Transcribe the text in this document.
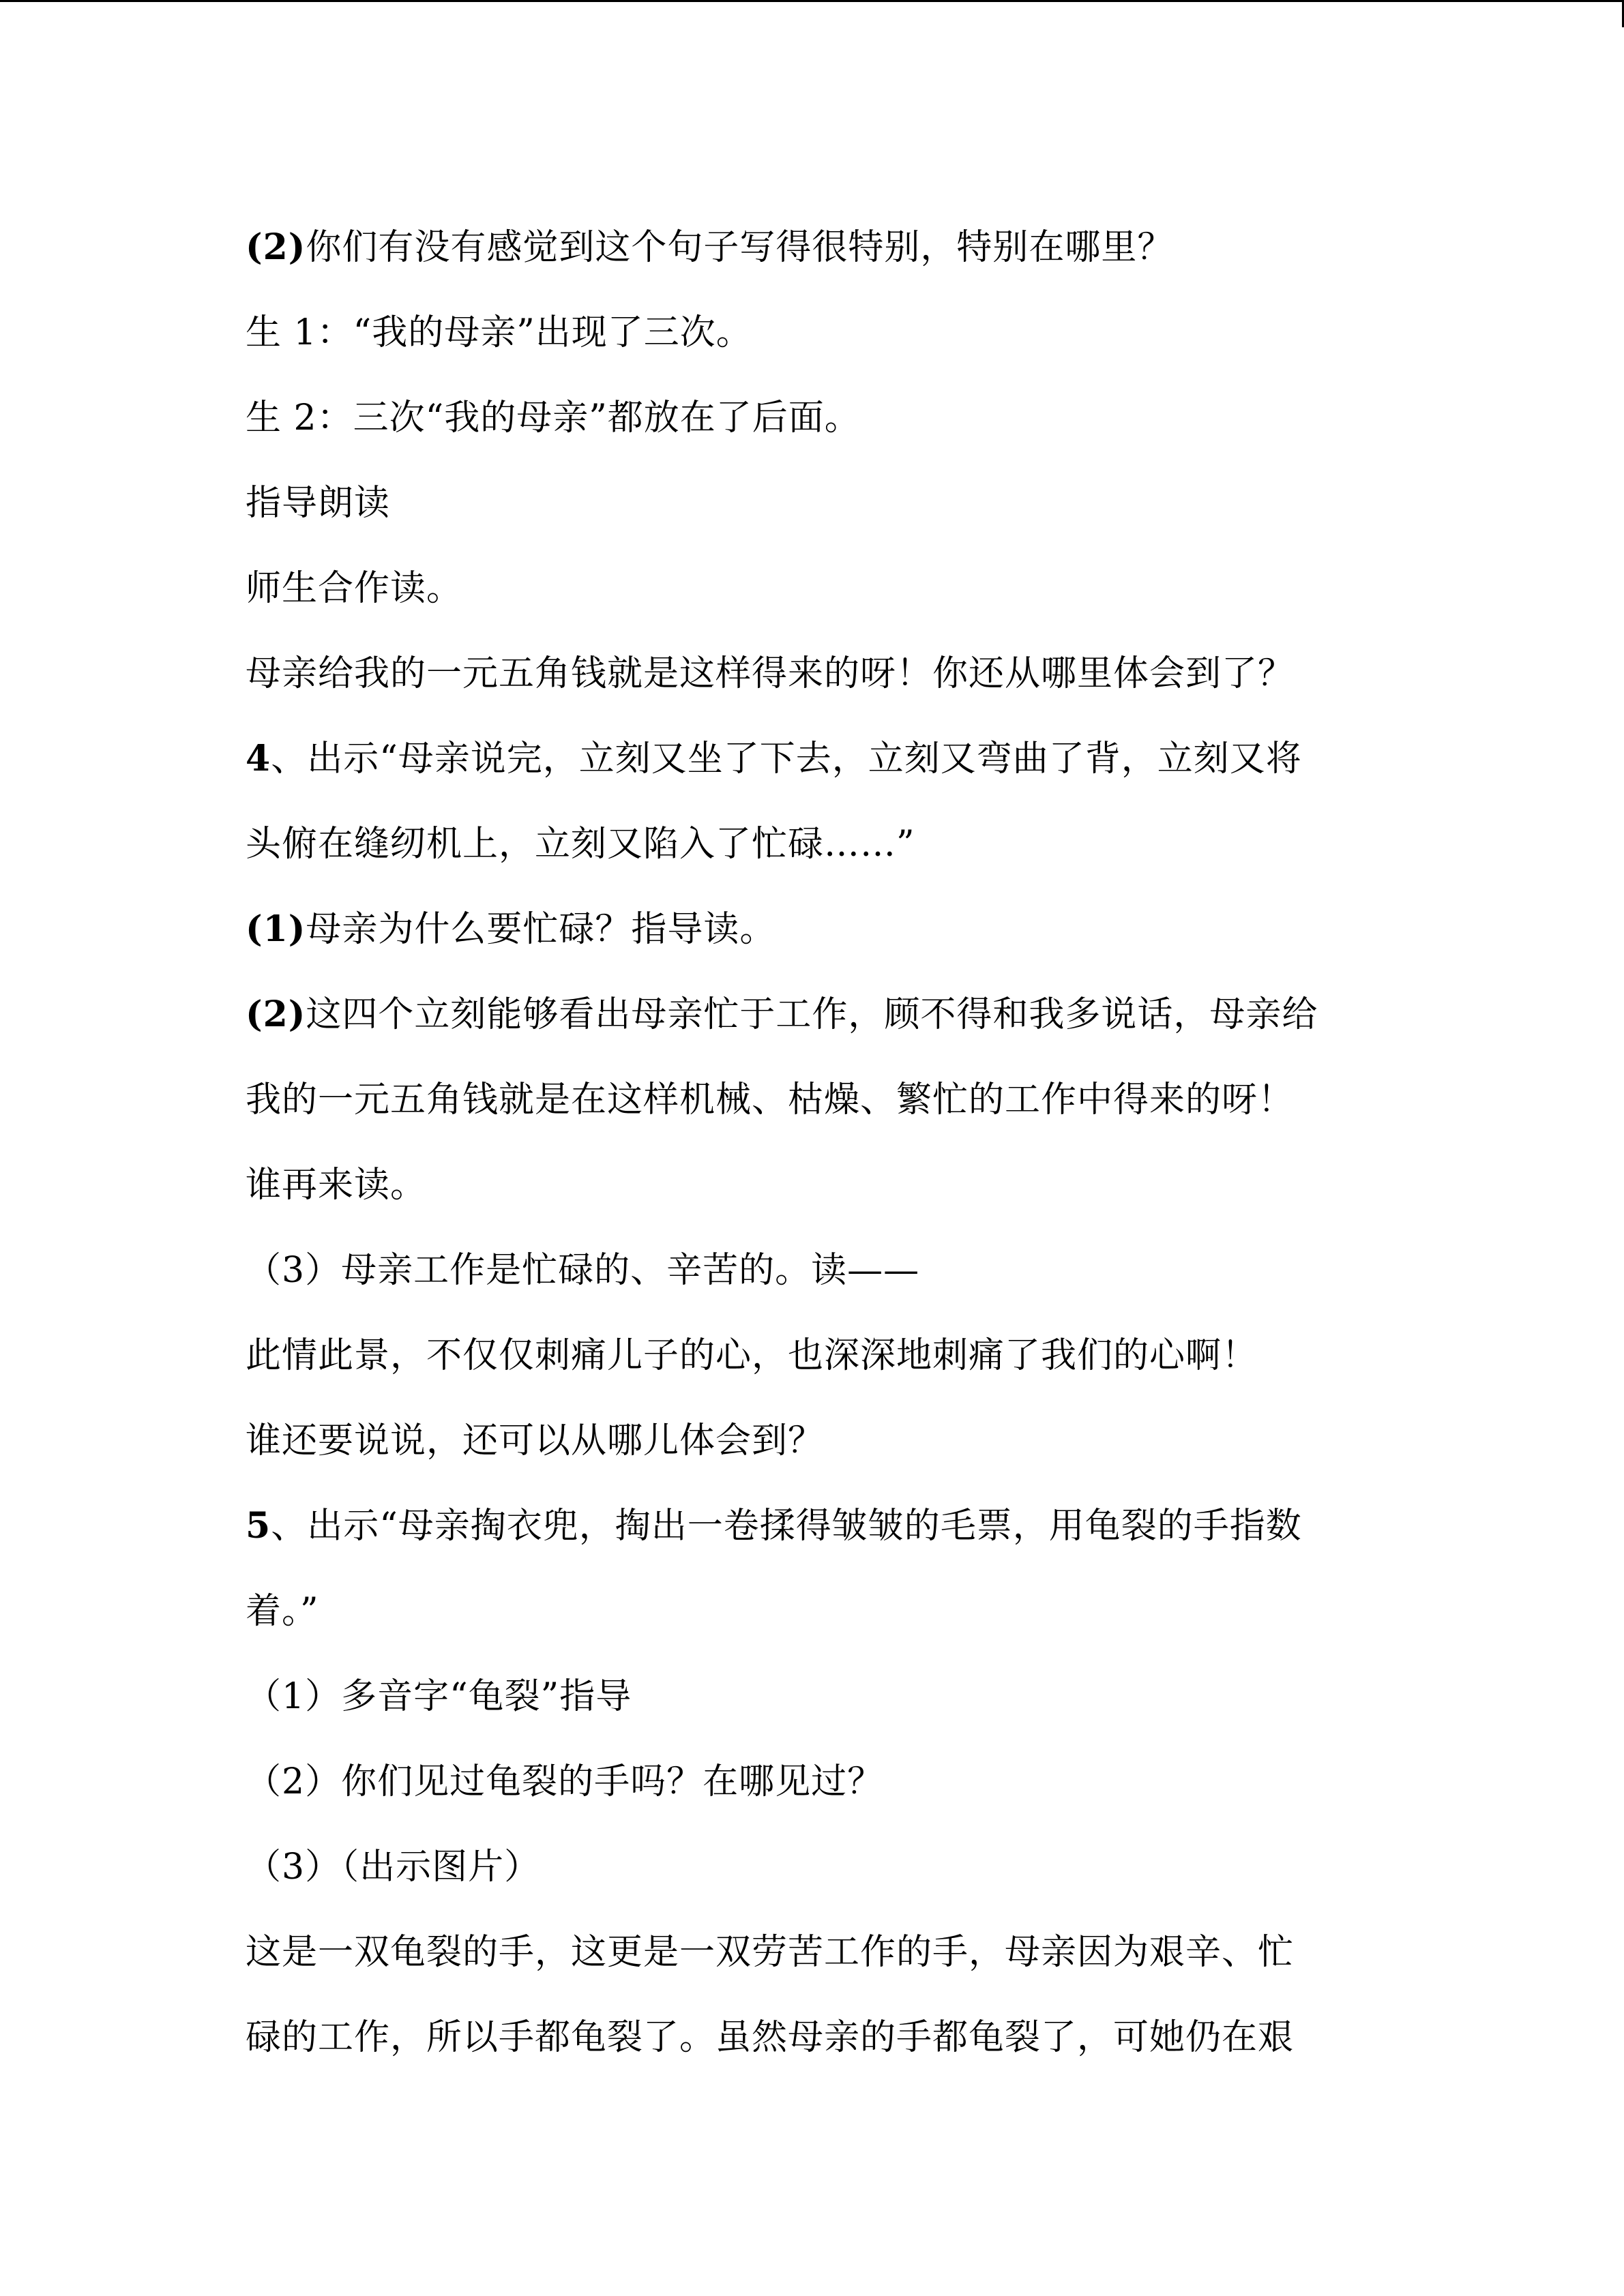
(2)你们有没有感觉到这个句子写得很特别，特别在哪里？
生 1：“我的母亲”出现了三次。
生 2：三次“我的母亲”都放在了后面。
指导朗读
师生合作读。
母亲给我的一元五角钱就是这样得来的呀！你还从哪里体会到了？
4、出示“母亲说完，立刻又坐了下去，立刻又弯曲了背，立刻又将
头俯在缝纫机上，立刻又陷入了忙碌……”
(1)母亲为什么要忙碌？指导读。
(2)这四个立刻能够看出母亲忙于工作，顾不得和我多说话，母亲给
我的一元五角钱就是在这样机械、枯燥、繁忙的工作中得来的呀！
谁再来读。
（3）母亲工作是忙碌的、辛苦的。读——
此情此景，不仅仅刺痛儿子的心，也深深地刺痛了我们的心啊！
谁还要说说，还可以从哪儿体会到？
5、出示“母亲掏衣兜，掏出一卷揉得皱皱的毛票，用龟裂的手指数
着。”
（1）多音字“龟裂”指导
（2）你们见过龟裂的手吗？在哪见过？
（3）（出示图片）
这是一双龟裂的手，这更是一双劳苦工作的手，母亲因为艰辛、忙
碌的工作，所以手都龟裂了。虽然母亲的手都龟裂了，可她仍在艰
